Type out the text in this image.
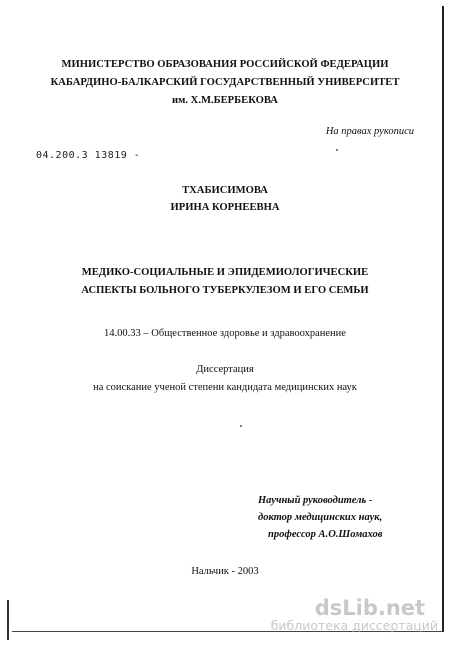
МИНИСТЕРСТВО ОБРАЗОВАНИЯ РОССИЙСКОЙ ФЕДЕРАЦИИ
КАБАРДИНО-БАЛКАРСКИЙ ГОСУДАРСТВЕННЫЙ УНИВЕРСИТЕТ
им. Х.М.БЕРБЕКОВА
На правах рукописи
04.200.3 13819 -
ТХАБИСИМОВА
ИРИНА КОРНЕЕВНА
МЕДИКО-СОЦИАЛЬНЫЕ И ЭПИДЕМИОЛОГИЧЕСКИЕ
АСПЕКТЫ БОЛЬНОГО ТУБЕРКУЛЕЗОМ И ЕГО СЕМЬИ
14.00.33 – Общественное здоровье и здравоохранение
Диссертация
на соискание ученой степени кандидата медицинских наук
Научный руководитель -
доктор медицинских наук,
профессор А.О.Шомахов
Нальчик - 2003
dsLib.net
библиотека диссертаций
